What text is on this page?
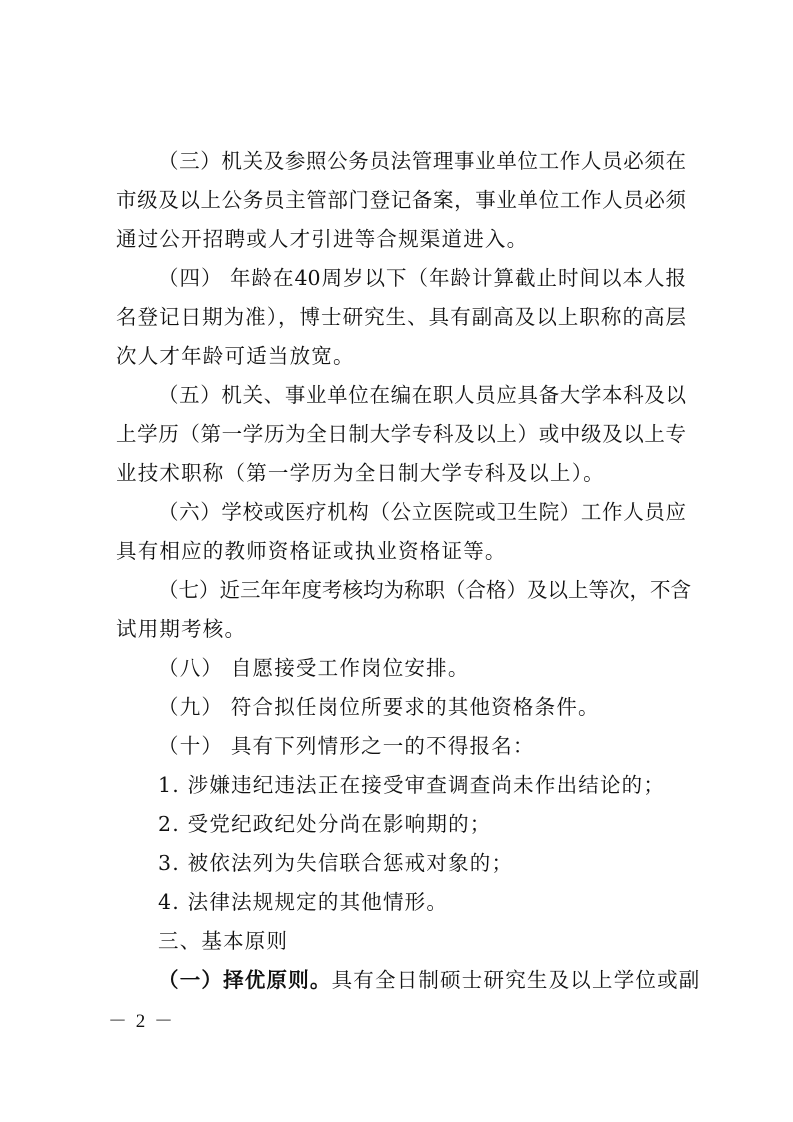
（三）机关及参照公务员法管理事业单位工作人员必须在

市级及以上公务员主管部门登记备案，事业单位工作人员必须

通过公开招聘或人才引进等合规渠道进入。

（四） 年龄在40周岁以下（年龄计算截止时间以本人报

名登记日期为准），博士研究生、具有副高及以上职称的高层

次人才年龄可适当放宽。

（五）机关、事业单位在编在职人员应具备大学本科及以

上学历（第一学历为全日制大学专科及以上）或中级及以上专

业技术职称（第一学历为全日制大学专科及以上）。

（六）学校或医疗机构（公立医院或卫生院）工作人员应

具有相应的教师资格证或执业资格证等。

（七）近三年年度考核均为称职（合格）及以上等次，不含

试用期考核。

（八） 自愿接受工作岗位安排。

（九） 符合拟任岗位所要求的其他资格条件。

（十） 具有下列情形之一的不得报名：

1. 涉嫌违纪违法正在接受审查调查尚未作出结论的；

2. 受党纪政纪处分尚在影响期的；

3. 被依法列为失信联合惩戒对象的；

4. 法律法规规定的其他情形。

三、基本原则

（一）择优原则。具有全日制硕士研究生及以上学位或副

－ 2 －
